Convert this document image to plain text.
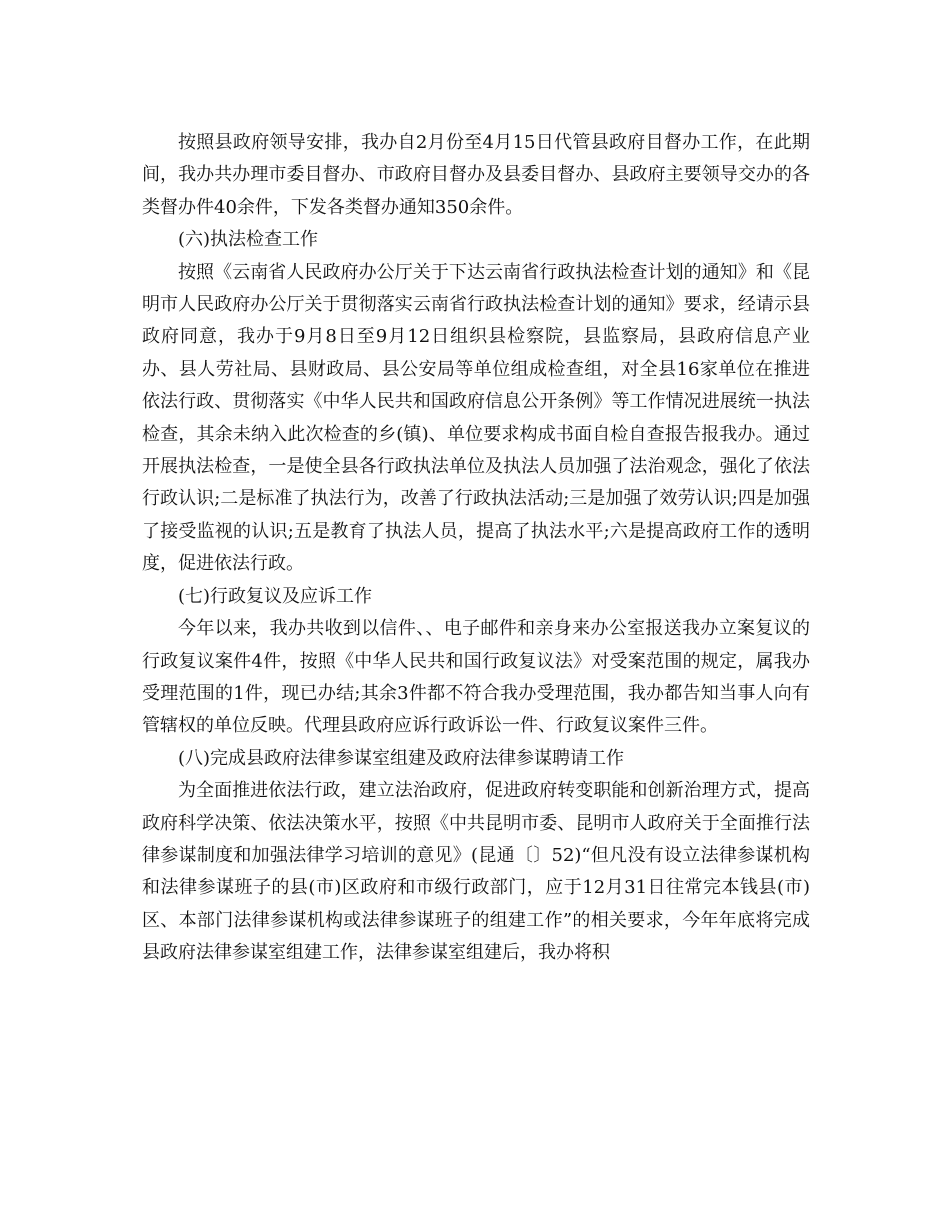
按照县政府领导安排，我办自2月份至4月15日代管县政府目督办工作，在此期间，我办共办理市委目督办、市政府目督办及县委目督办、县政府主要领导交办的各类督办件40余件，下发各类督办通知350余件。

(六)执法检查工作

按照《云南省人民政府办公厅关于下达云南省行政执法检查计划的通知》和《昆明市人民政府办公厅关于贯彻落实云南省行政执法检查计划的通知》要求，经请示县政府同意，我办于9月8日至9月12日组织县检察院，县监察局，县政府信息产业办、县人劳社局、县财政局、县公安局等单位组成检查组，对全县16家单位在推进依法行政、贯彻落实《中华人民共和国政府信息公开条例》等工作情况进展统一执法检查，其余未纳入此次检查的乡(镇)、单位要求构成书面自检自查报告报我办。通过开展执法检查，一是使全县各行政执法单位及执法人员加强了法治观念，强化了依法行政认识;二是标准了执法行为，改善了行政执法活动;三是加强了效劳认识;四是加强了接受监视的认识;五是教育了执法人员，提高了执法水平;六是提高政府工作的透明度，促进依法行政。

(七)行政复议及应诉工作

今年以来，我办共收到以信件、、电子邮件和亲身来办公室报送我办立案复议的行政复议案件4件，按照《中华人民共和国行政复议法》对受案范围的规定，属我办受理范围的1件，现已办结;其余3件都不符合我办受理范围，我办都告知当事人向有管辖权的单位反映。代理县政府应诉行政诉讼一件、行政复议案件三件。

(八)完成县政府法律参谋室组建及政府法律参谋聘请工作

为全面推进依法行政，建立法治政府，促进政府转变职能和创新治理方式，提高政府科学决策、依法决策水平，按照《中共昆明市委、昆明市人政府关于全面推行法律参谋制度和加强法律学习培训的意见》(昆通〔〕52)“但凡没有设立法律参谋机构和法律参谋班子的县(市)区政府和市级行政部门，应于12月31日往常完本钱县(市)区、本部门法律参谋机构或法律参谋班子的组建工作”的相关要求，今年年底将完成县政府法律参谋室组建工作，法律参谋室组建后，我办将积
